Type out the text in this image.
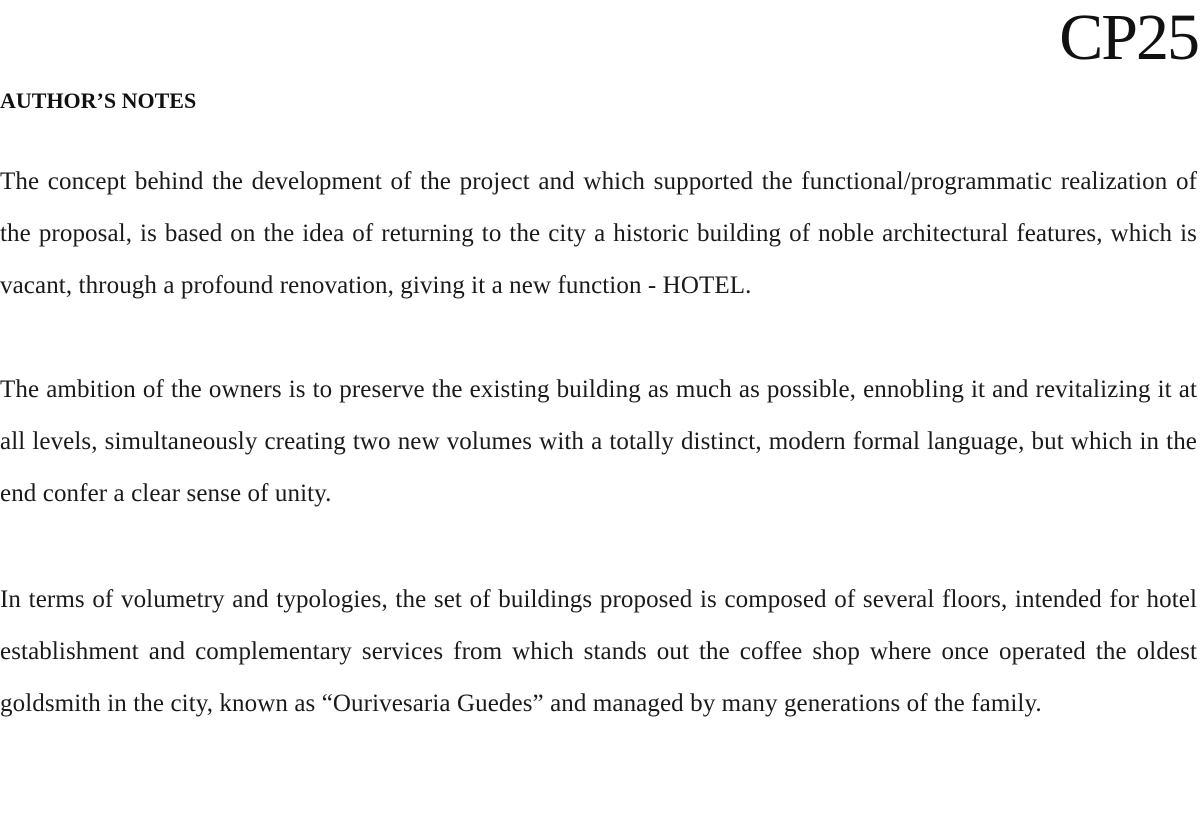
CP25
AUTHOR’S NOTES

The concept behind the development of the project and which supported the functional/programmatic realization of the proposal, is based on the idea of returning to the city a historic building of noble architectural features, which is vacant, through a profound renovation, giving it a new function - HOTEL.

The ambition of the owners is to preserve the existing building as much as possible, ennobling it and revitalizing it at all levels, simultaneously creating two new volumes with a totally distinct, modern formal language, but which in the end confer a clear sense of unity.

In terms of volumetry and typologies, the set of buildings proposed is composed of several floors, intended for hotel establishment and complementary services from which stands out the coffee shop where once operated the oldest goldsmith in the city, known as “Ourivesaria Guedes” and managed by many generations of the family.
